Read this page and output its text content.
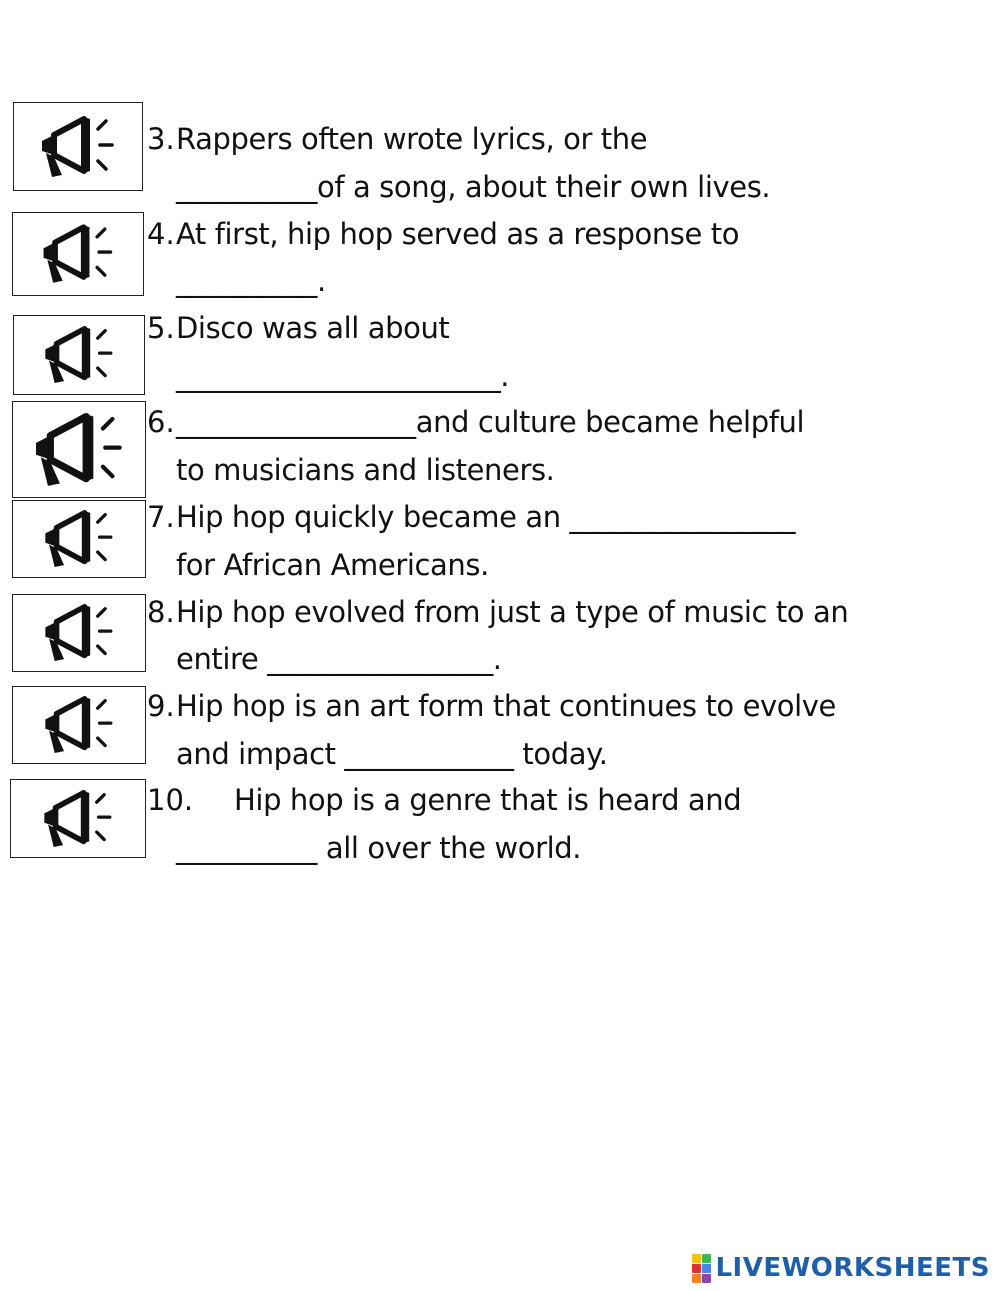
3. Rappers often wrote lyrics, or the
__________of a song, about their own lives.
4. At first, hip hop served as a response to
__________.
5. Disco was all about
_______________________.
6. _________________and culture became helpful
to musicians and listeners.
7. Hip hop quickly became an ________________
for African Americans.
8. Hip hop evolved from just a type of music to an
entire ________________.
9. Hip hop is an art form that continues to evolve
and impact ____________ today.
10. Hip hop is a genre that is heard and
__________ all over the world.
LIVEWORKSHEETS
